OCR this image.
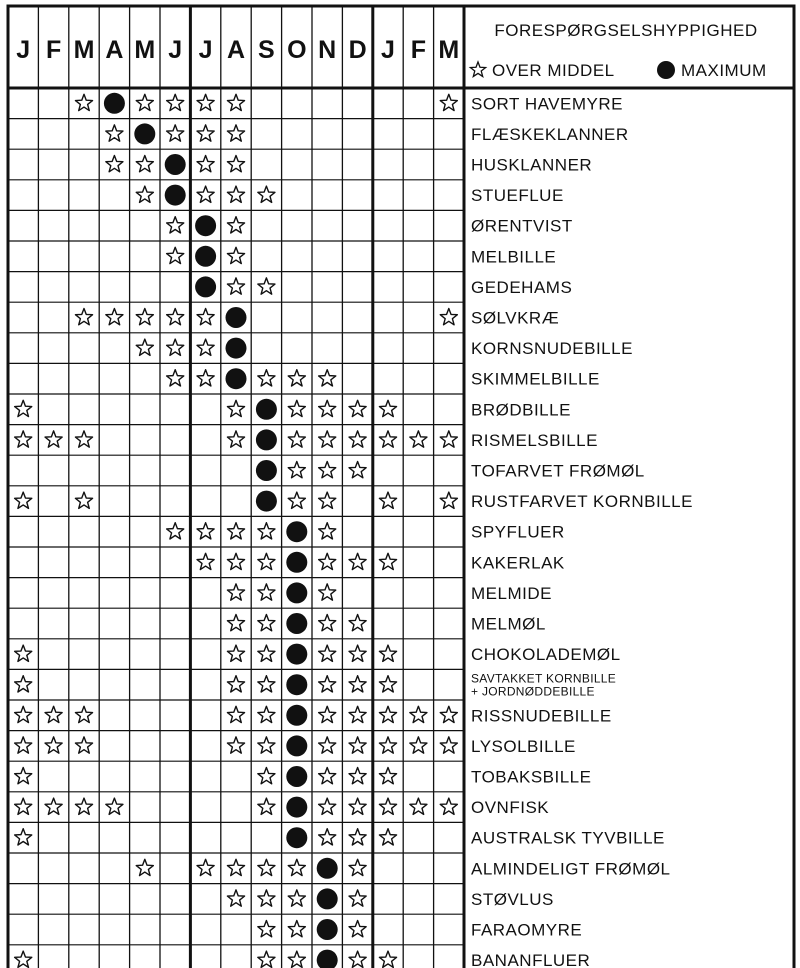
J F M A M J J A S O N D J F M
FORESPØRGSELSHYPPIGHED
OVER MIDDEL	MAXIMUM
SORT HAVEMYRE
FLÆSKEKLANNER
HUSKLANNER
STUEFLUE
ØRENTVIST
MELBILLE
GEDEHAMS
SØLVKRÆ
KORNSNUDEBILLE
SKIMMELBILLE
BRØDBILLE
RISMELSBILLE
TOFARVET FRØMØL
RUSTFARVET KORNBILLE
SPYFLUER
KAKERLAK
MELMIDE
MELMØL
CHOKOLADEMØL
SAVTAKKET KORNBILLE
+ JORDNØDDEBILLE
RISSNUDEBILLE
LYSOLBILLE
TOBAKSBILLE
OVNFISK
AUSTRALSK TYVBILLE
ALMINDELIGT FRØMØL
STØVLUS
FARAOMYRE
BANANFLUER
